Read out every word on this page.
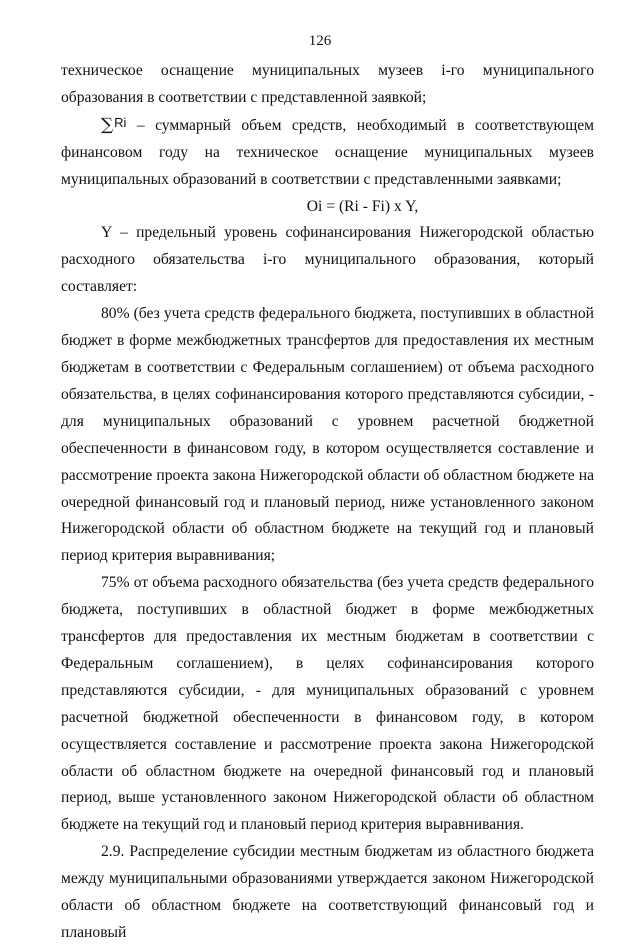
126

техническое оснащение муниципальных музеев i-го муниципального образования в соответствии с представленной заявкой;

∑Ri – суммарный объем средств, необходимый в соответствующем финансовом году на техническое оснащение муниципальных музеев муниципальных образований в соответствии с представленными заявками;

Oi = (Ri - Fi) x Y,

Y – предельный уровень софинансирования Нижегородской областью расходного обязательства i-го муниципального образования, который составляет:

80% (без учета средств федерального бюджета, поступивших в областной бюджет в форме межбюджетных трансфертов для предоставления их местным бюджетам в соответствии с Федеральным соглашением) от объема расходного обязательства, в целях софинансирования которого представляются субсидии, - для муниципальных образований с уровнем расчетной бюджетной обеспеченности в финансовом году, в котором осуществляется составление и рассмотрение проекта закона Нижегородской области об областном бюджете на очередной финансовый год и плановый период, ниже установленного законом Нижегородской области об областном бюджете на текущий год и плановый период критерия выравнивания;

75% от объема расходного обязательства (без учета средств федерального бюджета, поступивших в областной бюджет в форме межбюджетных трансфертов для предоставления их местным бюджетам в соответствии с Федеральным соглашением), в целях софинансирования которого представляются субсидии, - для муниципальных образований с уровнем расчетной бюджетной обеспеченности в финансовом году, в котором осуществляется составление и рассмотрение проекта закона Нижегородской области об областном бюджете на очередной финансовый год и плановый период, выше установленного законом Нижегородской области об областном бюджете на текущий год и плановый период критерия выравнивания.

2.9. Распределение субсидии местным бюджетам из областного бюджета между муниципальными образованиями утверждается законом Нижегородской области об областном бюджете на соответствующий финансовый год и плановый
